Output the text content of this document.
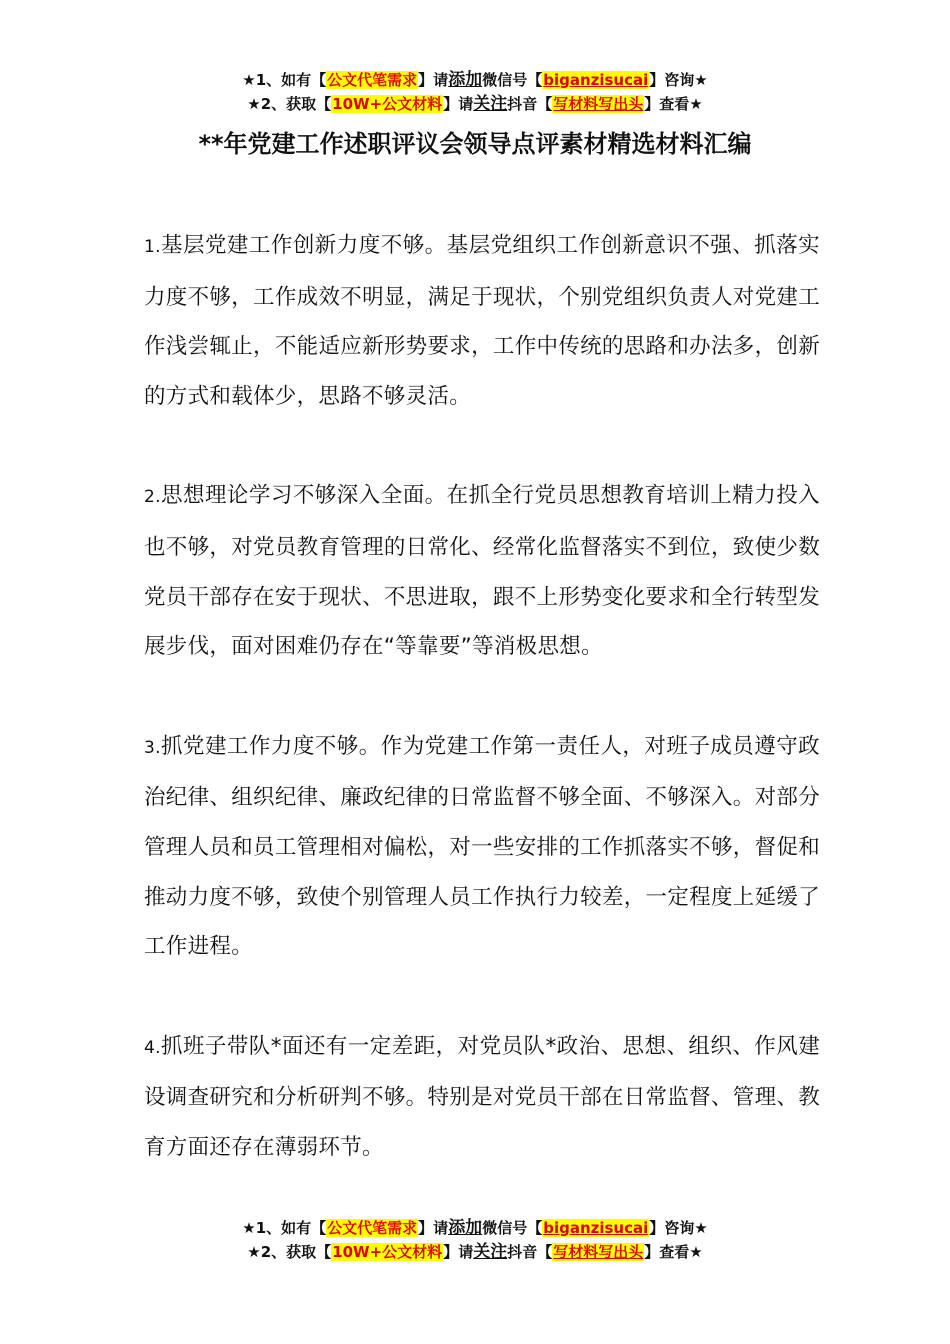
★1、如有【公文代笔需求】请添加微信号【biganzisucai】咨询★
★2、获取【10W+公文材料】请关注抖音【写材料写出头】查看★
**年党建工作述职评议会领导点评素材精选材料汇编

1.基层党建工作创新力度不够。基层党组织工作创新意识不强、抓落实力度不够，工作成效不明显，满足于现状，个别党组织负责人对党建工作浅尝辄止，不能适应新形势要求，工作中传统的思路和办法多，创新的方式和载体少，思路不够灵活。

2.思想理论学习不够深入全面。在抓全行党员思想教育培训上精力投入也不够，对党员教育管理的日常化、经常化监督落实不到位，致使少数党员干部存在安于现状、不思进取，跟不上形势变化要求和全行转型发展步伐，面对困难仍存在“等靠要”等消极思想。

3.抓党建工作力度不够。作为党建工作第一责任人，对班子成员遵守政治纪律、组织纪律、廉政纪律的日常监督不够全面、不够深入。对部分管理人员和员工管理相对偏松，对一些安排的工作抓落实不够，督促和推动力度不够，致使个别管理人员工作执行力较差，一定程度上延缓了工作进程。

4.抓班子带队*面还有一定差距，对党员队*政治、思想、组织、作风建设调查研究和分析研判不够。特别是对党员干部在日常监督、管理、教育方面还存在薄弱环节。

★1、如有【公文代笔需求】请添加微信号【biganzisucai】咨询★
★2、获取【10W+公文材料】请关注抖音【写材料写出头】查看★
